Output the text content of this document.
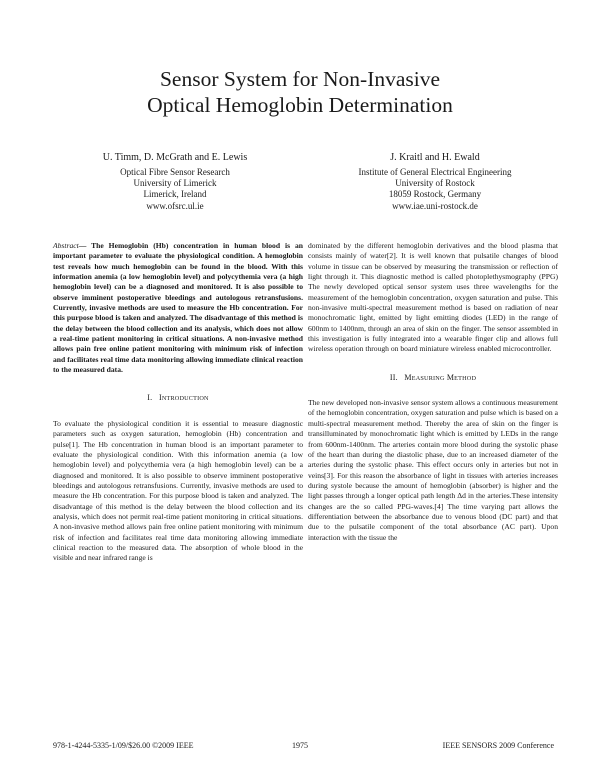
Sensor System for Non-Invasive
Optical Hemoglobin Determination
U. Timm, D. McGrath and E. Lewis
Optical Fibre Sensor Research
University of Limerick
Limerick, Ireland
www.ofsrc.ul.ie
J. Kraitl and H. Ewald
Institute of General Electrical Engineering
University of Rostock
18059 Rostock, Germany
www.iae.uni-rostock.de

Abstract— The Hemoglobin (Hb) concentration in human blood is an important parameter to evaluate the physiological condition. A hemoglobin test reveals how much hemoglobin can be found in the blood. With this information anemia (a low hemoglobin level) and polycythemia vera (a high hemoglobin level) can be a diagnosed and monitored. It is also possible to observe imminent postoperative bleedings and autologous retransfusions. Currently, invasive methods are used to measure the Hb concentration. For this purpose blood is taken and analyzed. The disadvantage of this method is the delay between the blood collection and its analysis, which does not allow a real-time patient monitoring in critical situations. A non-invasive method allows pain free online patient monitoring with minimum risk of infection and facilitates real time data monitoring allowing immediate clinical reaction to the measured data.

I. INTRODUCTION

To evaluate the physiological condition it is essential to measure diagnostic parameters such as oxygen saturation, hemoglobin (Hb) concentration and pulse[1]. The Hb concentration in human blood is an important parameter to evaluate the physiological condition. With this information anemia (a low hemoglobin level) and polycythemia vera (a high hemoglobin level) can be a diagnosed and monitored. It is also possible to observe imminent postoperative bleedings and autologous retransfusions. Currently, invasive methods are used to measure the Hb concentration. For this purpose blood is taken and analyzed. The disadvantage of this method is the delay between the blood collection and its analysis, which does not permit real-time patient monitoring in critical situations. A non-invasive method allows pain free online patient monitoring with minimum risk of infection and facilitates real time data monitoring allowing immediate clinical reaction to the measured data. The absorption of whole blood in the visible and near infrared range is

dominated by the different hemoglobin derivatives and the blood plasma that consists mainly of water[2]. It is well known that pulsatile changes of blood volume in tissue can be observed by measuring the transmission or reflection of light through it. This diagnostic method is called photoplethysmography (PPG) The newly developed optical sensor system uses three wavelengths for the measurement of the hemoglobin concentration, oxygen saturation and pulse. This non-invasive multi-spectral measurement method is based on radiation of near monochromatic light, emitted by light emitting diodes (LED) in the range of 600nm to 1400nm, through an area of skin on the finger. The sensor assembled in this investigation is fully integrated into a wearable finger clip and allows full wireless operation through on board miniature wireless enabled microcontroller.

II. MEASURING METHOD

The new developed non-invasive sensor system allows a continuous measurement of the hemoglobin concentration, oxygen saturation and pulse which is based on a multi-spectral measurement method. Thereby the area of skin on the finger is transilluminated by monochromatic light which is emitted by LEDs in the range from 600nm-1400nm. The arteries contain more blood during the systolic phase of the heart than during the diastolic phase, due to an increased diameter of the arteries during the systolic phase. This effect occurs only in arteries but not in veins[3]. For this reason the absorbance of light in tissues with arteries increases during systole because the amount of hemoglobin (absorber) is higher and the light passes through a longer optical path length Δd in the arteries.These intensity changes are the so called PPG-waves.[4] The time varying part allows the differentiation between the absorbance due to venous blood (DC part) and that due to the pulsatile component of the total absorbance (AC part). Upon interaction with the tissue the

978-1-4244-5335-1/09/$26.00 ©2009 IEEE	1975	IEEE SENSORS 2009 Conference
